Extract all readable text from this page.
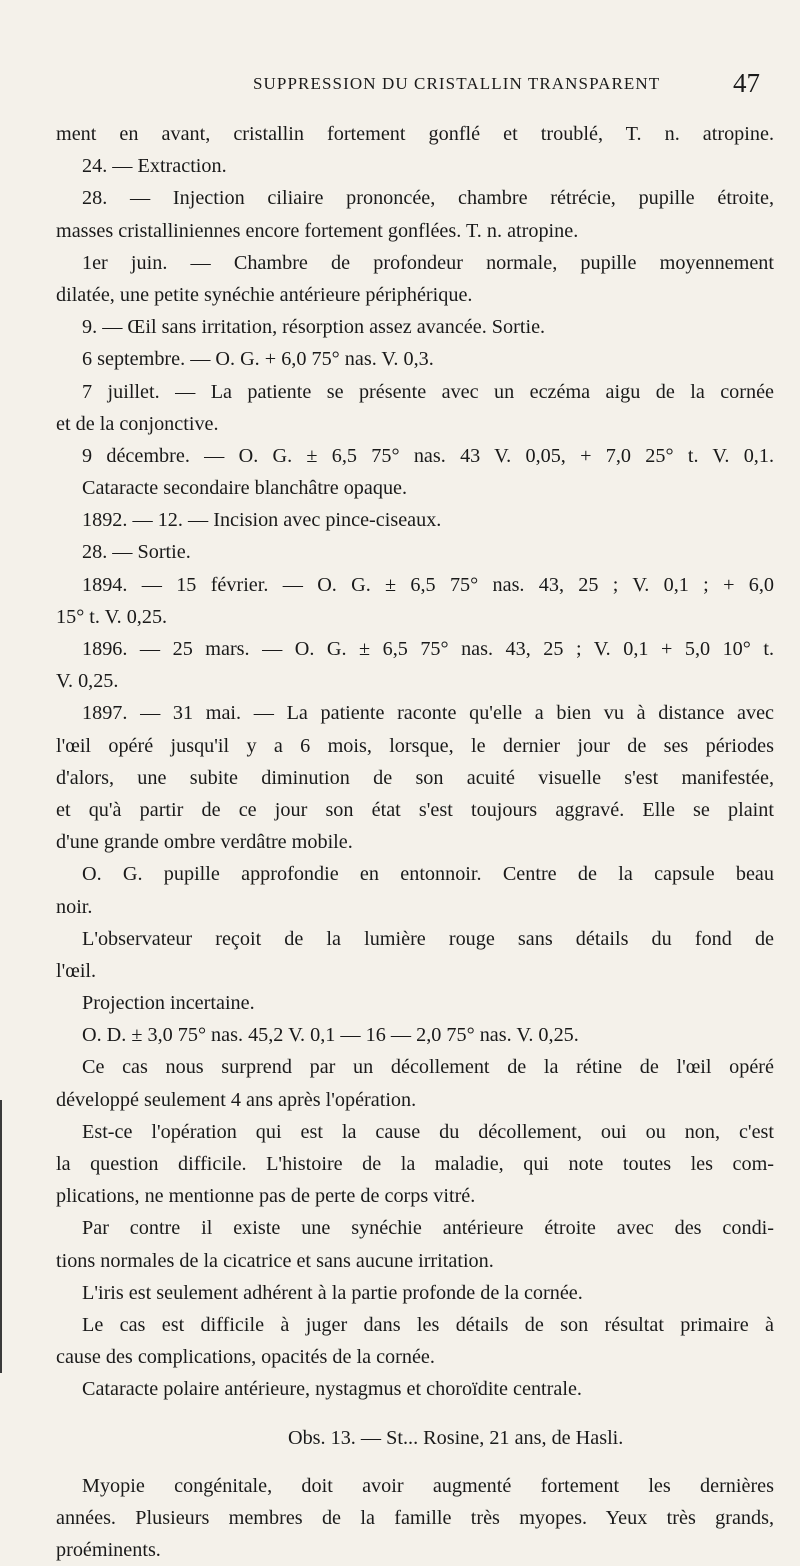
SUPPRESSION DU CRISTALLIN TRANSPARENT	47
ment en avant, cristallin fortement gonflé et troublé, T. n. atropine.
24. — Extraction.
28. — Injection ciliaire prononcée, chambre rétrécie, pupille étroite,
masses cristalliniennes encore fortement gonflées. T. n. atropine.
1er juin. — Chambre de profondeur normale, pupille moyennement
dilatée, une petite synéchie antérieure périphérique.
9. — Œil sans irritation, résorption assez avancée. Sortie.
6 septembre. — O. G. + 6,0 75° nas. V. 0,3.
7 juillet. — La patiente se présente avec un eczéma aigu de la cornée
et de la conjonctive.
9 décembre. — O. G. ± 6,5 75° nas. 43 V. 0,05, + 7,0 25° t. V. 0,1.
Cataracte secondaire blanchâtre opaque.
1892. — 12. — Incision avec pince-ciseaux.
28. — Sortie.
1894. — 15 février. — O. G. ± 6,5 75° nas. 43, 25 ; V. 0,1 ; + 6,0
15° t. V. 0,25.
1896. — 25 mars. — O. G. ± 6,5 75° nas. 43, 25 ; V. 0,1 + 5,0 10° t.
V. 0,25.
1897. — 31 mai. — La patiente raconte qu'elle a bien vu à distance avec
l'œil opéré jusqu'il y a 6 mois, lorsque, le dernier jour de ses périodes
d'alors, une subite diminution de son acuité visuelle s'est manifestée,
et qu'à partir de ce jour son état s'est toujours aggravé. Elle se plaint
d'une grande ombre verdâtre mobile.
O. G. pupille approfondie en entonnoir. Centre de la capsule beau
noir.
L'observateur reçoit de la lumière rouge sans détails du fond de
l'œil.
Projection incertaine.
O. D. ± 3,0 75° nas. 45,2 V. 0,1 — 16 — 2,0 75° nas. V. 0,25.
Ce cas nous surprend par un décollement de la rétine de l'œil opéré
développé seulement 4 ans après l'opération.
Est-ce l'opération qui est la cause du décollement, oui ou non, c'est
la question difficile. L'histoire de la maladie, qui note toutes les com-
plications, ne mentionne pas de perte de corps vitré.
Par contre il existe une synéchie antérieure étroite avec des condi-
tions normales de la cicatrice et sans aucune irritation.
L'iris est seulement adhérent à la partie profonde de la cornée.
Le cas est difficile à juger dans les détails de son résultat primaire à
cause des complications, opacités de la cornée.
Cataracte polaire antérieure, nystagmus et choroïdite centrale.
Obs. 13. — St... Rosine, 21 ans, de Hasli.
Myopie congénitale, doit avoir augmenté fortement les dernières
années. Plusieurs membres de la famille très myopes. Yeux très grands,
proéminents.
